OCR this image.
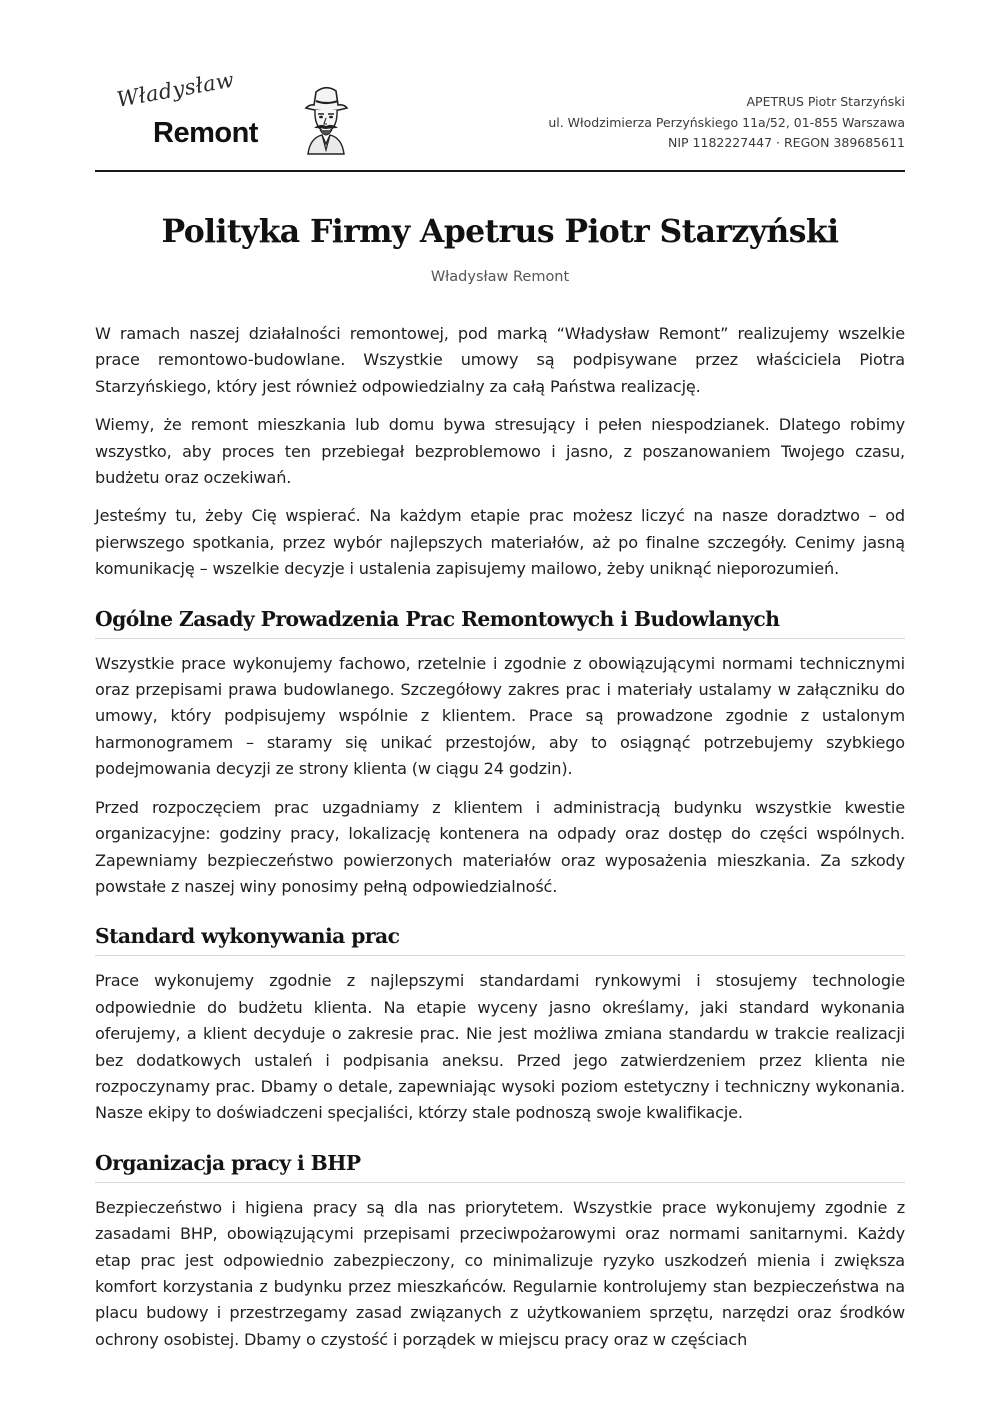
Władysław
Remont
APETRUS Piotr Starzyński
ul. Włodzimierza Perzyńskiego 11a/52, 01-855 Warszawa
NIP 1182227447 · REGON 389685611
Polityka Firmy Apetrus Piotr Starzyński
Władysław Remont

W ramach naszej działalności remontowej, pod marką “Władysław Remont” realizujemy wszelkie prace remontowo-budowlane. Wszystkie umowy są podpisywane przez właściciela Piotra Starzyńskiego, który jest również odpowiedzialny za całą Państwa realizację.

Wiemy, że remont mieszkania lub domu bywa stresujący i pełen niespodzianek. Dlatego robimy wszystko, aby proces ten przebiegał bezproblemowo i jasno, z poszanowaniem Twojego czasu, budżetu oraz oczekiwań.

Jesteśmy tu, żeby Cię wspierać. Na każdym etapie prac możesz liczyć na nasze doradztwo – od pierwszego spotkania, przez wybór najlepszych materiałów, aż po finalne szczegóły. Cenimy jasną komunikację – wszelkie decyzje i ustalenia zapisujemy mailowo, żeby uniknąć nieporozumień.

Ogólne Zasady Prowadzenia Prac Remontowych i Budowlanych

Wszystkie prace wykonujemy fachowo, rzetelnie i zgodnie z obowiązującymi normami technicznymi oraz przepisami prawa budowlanego. Szczegółowy zakres prac i materiały ustalamy w załączniku do umowy, który podpisujemy wspólnie z klientem. Prace są prowadzone zgodnie z ustalonym harmonogramem – staramy się unikać przestojów, aby to osiągnąć potrzebujemy szybkiego podejmowania decyzji ze strony klienta (w ciągu 24 godzin).

Przed rozpoczęciem prac uzgadniamy z klientem i administracją budynku wszystkie kwestie organizacyjne: godziny pracy, lokalizację kontenera na odpady oraz dostęp do części wspólnych. Zapewniamy bezpieczeństwo powierzonych materiałów oraz wyposażenia mieszkania. Za szkody powstałe z naszej winy ponosimy pełną odpowiedzialność.

Standard wykonywania prac

Prace wykonujemy zgodnie z najlepszymi standardami rynkowymi i stosujemy technologie odpowiednie do budżetu klienta. Na etapie wyceny jasno określamy, jaki standard wykonania oferujemy, a klient decyduje o zakresie prac. Nie jest możliwa zmiana standardu w trakcie realizacji bez dodatkowych ustaleń i podpisania aneksu. Przed jego zatwierdzeniem przez klienta nie rozpoczynamy prac. Dbamy o detale, zapewniając wysoki poziom estetyczny i techniczny wykonania. Nasze ekipy to doświadczeni specjaliści, którzy stale podnoszą swoje kwalifikacje.

Organizacja pracy i BHP

Bezpieczeństwo i higiena pracy są dla nas priorytetem. Wszystkie prace wykonujemy zgodnie z zasadami BHP, obowiązującymi przepisami przeciwpożarowymi oraz normami sanitarnymi. Każdy etap prac jest odpowiednio zabezpieczony, co minimalizuje ryzyko uszkodzeń mienia i zwiększa komfort korzystania z budynku przez mieszkańców. Regularnie kontrolujemy stan bezpieczeństwa na placu budowy i przestrzegamy zasad związanych z użytkowaniem sprzętu, narzędzi oraz środków ochrony osobistej. Dbamy o czystość i porządek w miejscu pracy oraz w częściach
